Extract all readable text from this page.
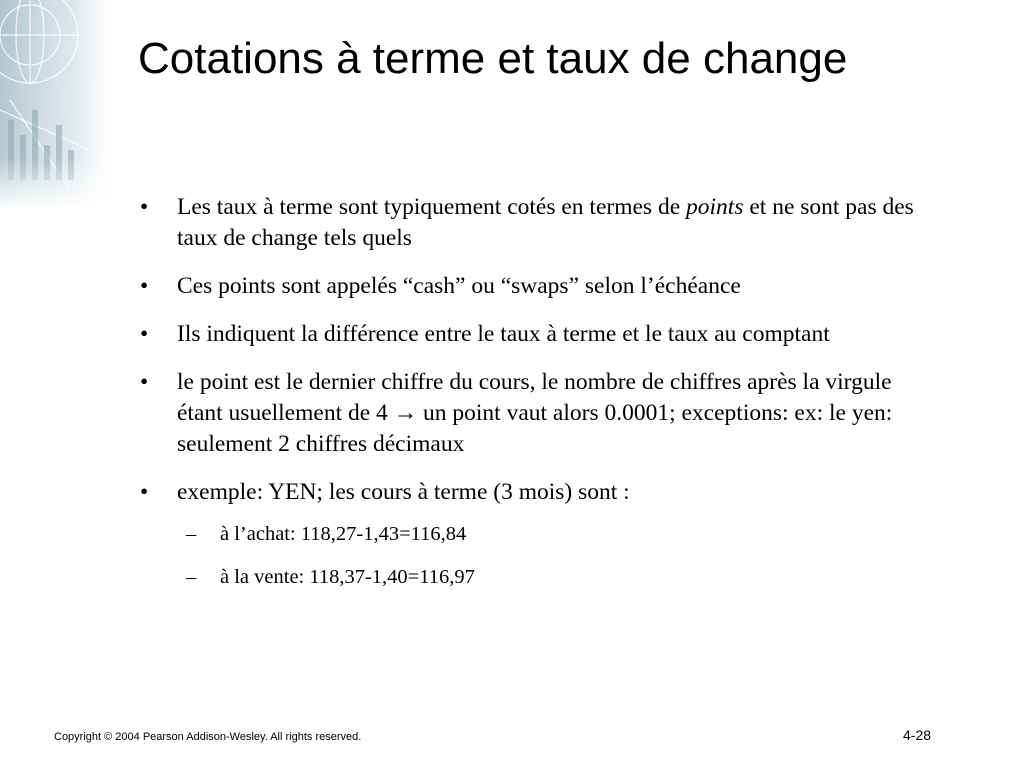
Cotations à terme et taux de change
• Les taux à terme sont typiquement cotés en termes de points et ne sont pas des taux de change tels quels
• Ces points sont appelés “cash” ou “swaps” selon l’échéance
• Ils indiquent la différence entre le taux à terme et le taux au comptant
• le point est le dernier chiffre du cours, le nombre de chiffres après la virgule étant usuellement de 4 → un point vaut alors 0.0001; exceptions: ex: le yen: seulement 2 chiffres décimaux
• exemple: YEN; les cours à terme (3 mois) sont :
– à l’achat: 118,27-1,43=116,84
– à la vente: 118,37-1,40=116,97
Copyright © 2004 Pearson Addison-Wesley. All rights reserved.	4-28
